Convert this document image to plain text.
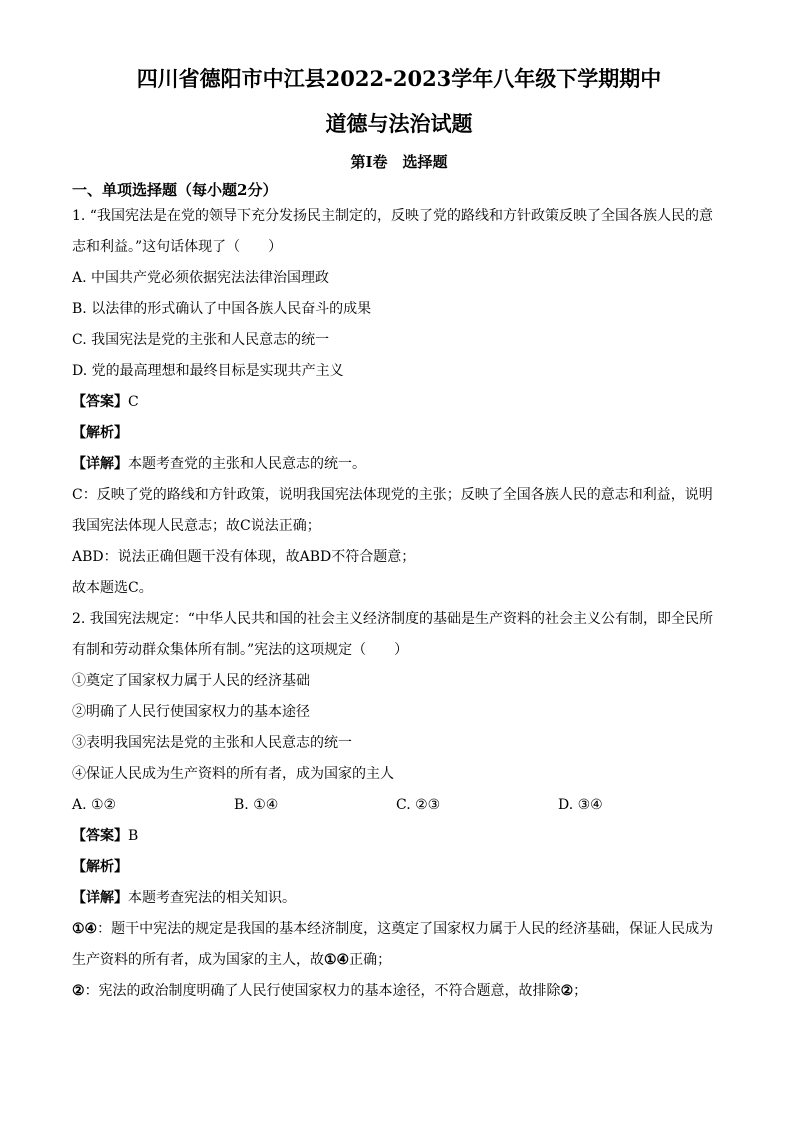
四川省德阳市中江县2022-2023学年八年级下学期期中
道德与法治试题
第Ⅰ卷　选择题
一、单项选择题（每小题2分）
1. “我国宪法是在党的领导下充分发扬民主制定的，反映了党的路线和方针政策反映了全国各族人民的意
志和利益。”这句话体现了（　　）
A. 中国共产党必须依据宪法法律治国理政
B. 以法律的形式确认了中国各族人民奋斗的成果
C. 我国宪法是党的主张和人民意志的统一
D. 党的最高理想和最终目标是实现共产主义
【答案】C
【解析】
【详解】本题考查党的主张和人民意志的统一。
C：反映了党的路线和方针政策，说明我国宪法体现党的主张；反映了全国各族人民的意志和利益，说明
我国宪法体现人民意志；故C说法正确；
ABD：说法正确但题干没有体现，故ABD不符合题意；
故本题选C。
2. 我国宪法规定：“中华人民共和国的社会主义经济制度的基础是生产资料的社会主义公有制，即全民所
有制和劳动群众集体所有制。”宪法的这项规定（　　）
①奠定了国家权力属于人民的经济基础
②明确了人民行使国家权力的基本途径
③表明我国宪法是党的主张和人民意志的统一
④保证人民成为生产资料的所有者，成为国家的主人
A. ①②	B. ①④	C. ②③	D. ③④
【答案】B
【解析】
【详解】本题考查宪法的相关知识。
①④：题干中宪法的规定是我国的基本经济制度，这奠定了国家权力属于人民的经济基础，保证人民成为
生产资料的所有者，成为国家的主人，故①④正确；
②：宪法的政治制度明确了人民行使国家权力的基本途径，不符合题意，故排除②；
